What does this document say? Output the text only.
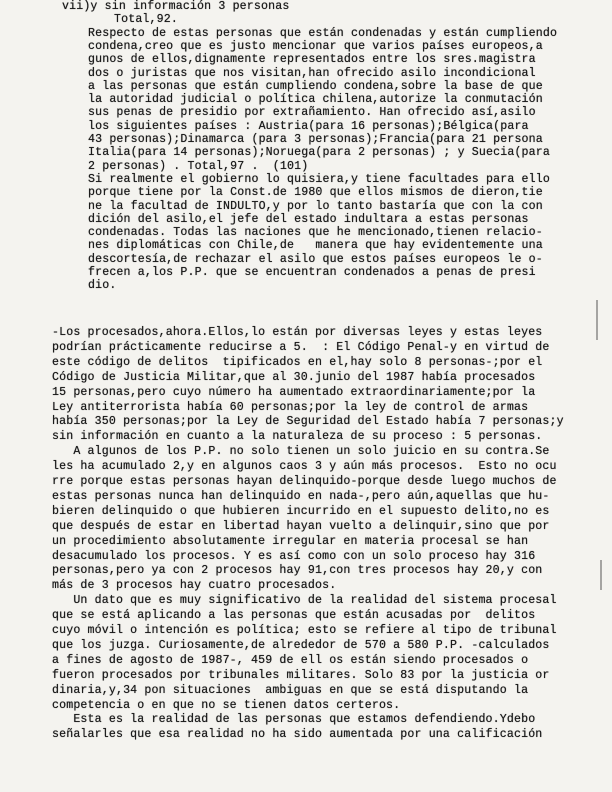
vii)y sin información 3 personas
Total,92.
Respecto de estas personas que están condenadas y están cumpliendo
condena,creo que es justo mencionar que varios países europeos,a
gunos de ellos,dignamente representados entre los sres.magistra
dos o juristas que nos visitan,han ofrecido asilo incondicional
a las personas que están cumpliendo condena,sobre la base de que
la autoridad judicial o política chilena,autorize la conmutación
sus penas de presidio por extrañamiento. Han ofrecido así,asilo
los siguientes países : Austria(para 16 personas);Bélgica(para
43 personas);Dinamarca (para 3 personas);Francia(para 21 persona
Italia(para 14 personas);Noruega(para 2 personas) ; y Suecia(para
2 personas) . Total,97 .  (101)
Si realmente el gobierno lo quisiera,y tiene facultades para ello
porque tiene por la Const.de 1980 que ellos mismos de dieron,tie
ne la facultad de INDULTO,y por lo tanto bastaría que con la con
dición del asilo,el jefe del estado indultara a estas personas
condenadas. Todas las naciones que he mencionado,tienen relacio-
nes diplomáticas con Chile,de   manera que hay evidentemente una
descortesía,de rechazar el asilo que estos países europeos le o-
frecen a,los P.P. que se encuentran condenados a penas de presi
dio.
-Los procesados,ahora.Ellos,lo están por diversas leyes y estas leyes
podrían prácticamente reducirse a 5.  : El Código Penal-y en virtud de
este código de delitos  tipificados en el,hay solo 8 personas-;por el
Código de Justicia Militar,que al 30.junio del 1987 había procesados
15 personas,pero cuyo número ha aumentado extraordinariamente;por la
Ley antiterrorista había 60 personas;por la ley de control de armas
había 350 personas;por la Ley de Seguridad del Estado había 7 personas;y
sin información en cuanto a la naturaleza de su proceso : 5 personas.
A algunos de los P.P. no solo tienen un solo juicio en su contra.Se
les ha acumulado 2,y en algunos caos 3 y aún más procesos.  Esto no ocu
rre porque estas personas hayan delinquido-porque desde luego muchos de
estas personas nunca han delinquido en nada-,pero aún,aquellas que hu-
bieren delinquido o que hubieren incurrido en el supuesto delito,no es
que después de estar en libertad hayan vuelto a delinquir,sino que por
un procedimiento absolutamente irregular en materia procesal se han
desacumulado los procesos. Y es así como con un solo proceso hay 316
personas,pero ya con 2 procesos hay 91,con tres procesos hay 20,y con
más de 3 procesos hay cuatro procesados.
Un dato que es muy significativo de la realidad del sistema procesal
que se está aplicando a las personas que están acusadas por  delitos
cuyo móvil o intención es política; esto se refiere al tipo de tribunal
que los juzga. Curiosamente,de alrededor de 570 a 580 P.P. -calculados
a fines de agosto de 1987-, 459 de ell os están siendo procesados o
fueron procesados por tribunales militares. Solo 83 por la justicia or
dinaria,y,34 pon situaciones  ambiguas en que se está disputando la
competencia o en que no se tienen datos certeros.
Esta es la realidad de las personas que estamos defendiendo.Ydebo
señalarles que esa realidad no ha sido aumentada por una calificación
